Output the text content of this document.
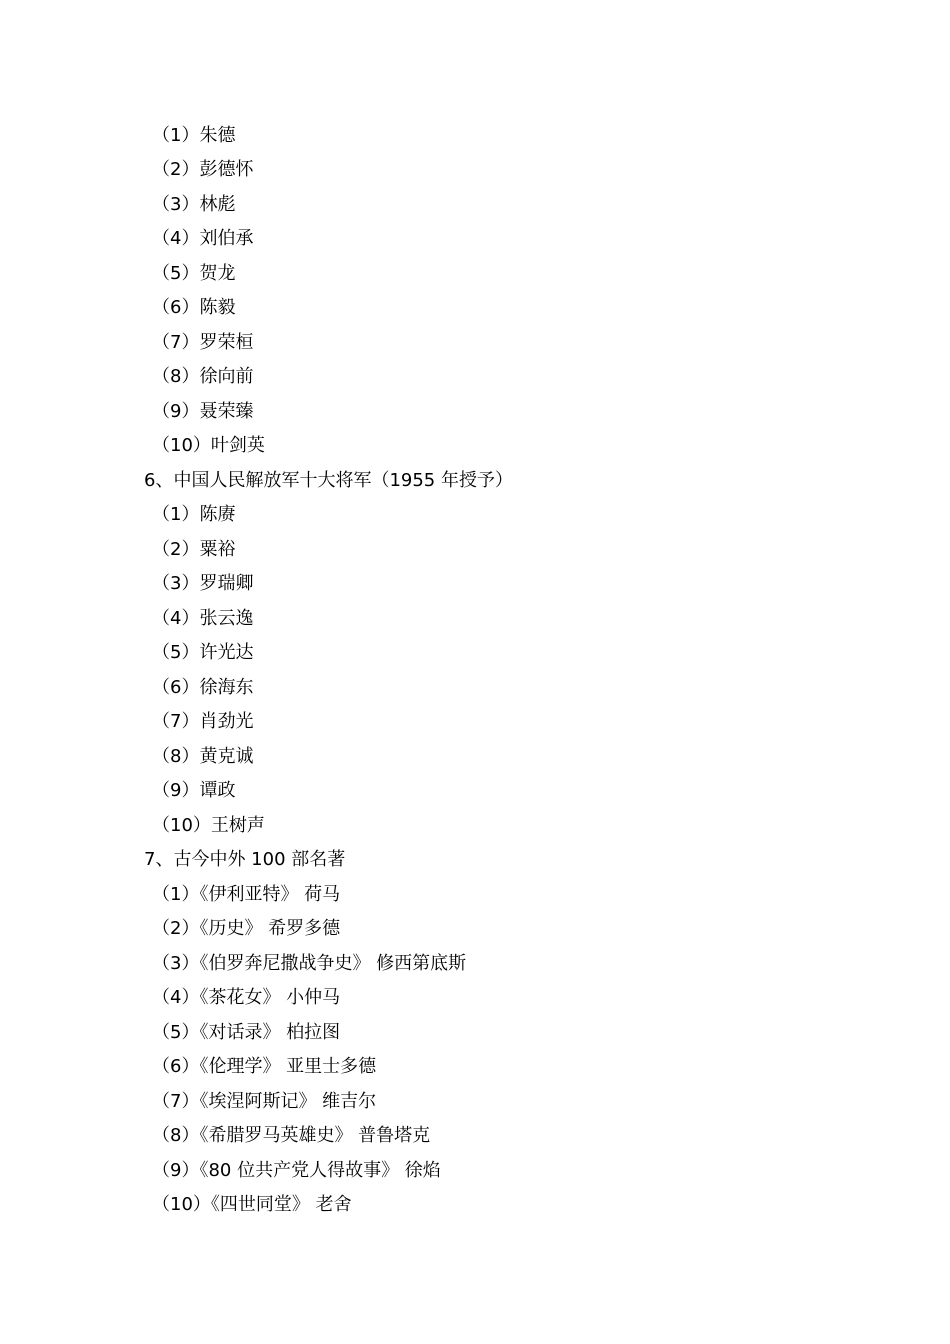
（1）朱德
（2）彭德怀
（3）林彪
（4）刘伯承
（5）贺龙
（6）陈毅
（7）罗荣桓
（8）徐向前
（9）聂荣臻
（10）叶剑英
6、中国人民解放军十大将军（1955 年授予）
（1）陈赓
（2）粟裕
（3）罗瑞卿
（4）张云逸
（5）许光达
（6）徐海东
（7）肖劲光
（8）黄克诚
（9）谭政
（10）王树声
7、古今中外 100 部名著
（1）《伊利亚特》 荷马
（2）《历史》 希罗多德
（3）《伯罗奔尼撒战争史》 修西第底斯
（4）《茶花女》 小仲马
（5）《对话录》 柏拉图
（6）《伦理学》 亚里士多德
（7）《埃涅阿斯记》 维吉尔
（8）《希腊罗马英雄史》 普鲁塔克
（9）《80 位共产党人得故事》 徐焰
（10）《四世同堂》 老舍
